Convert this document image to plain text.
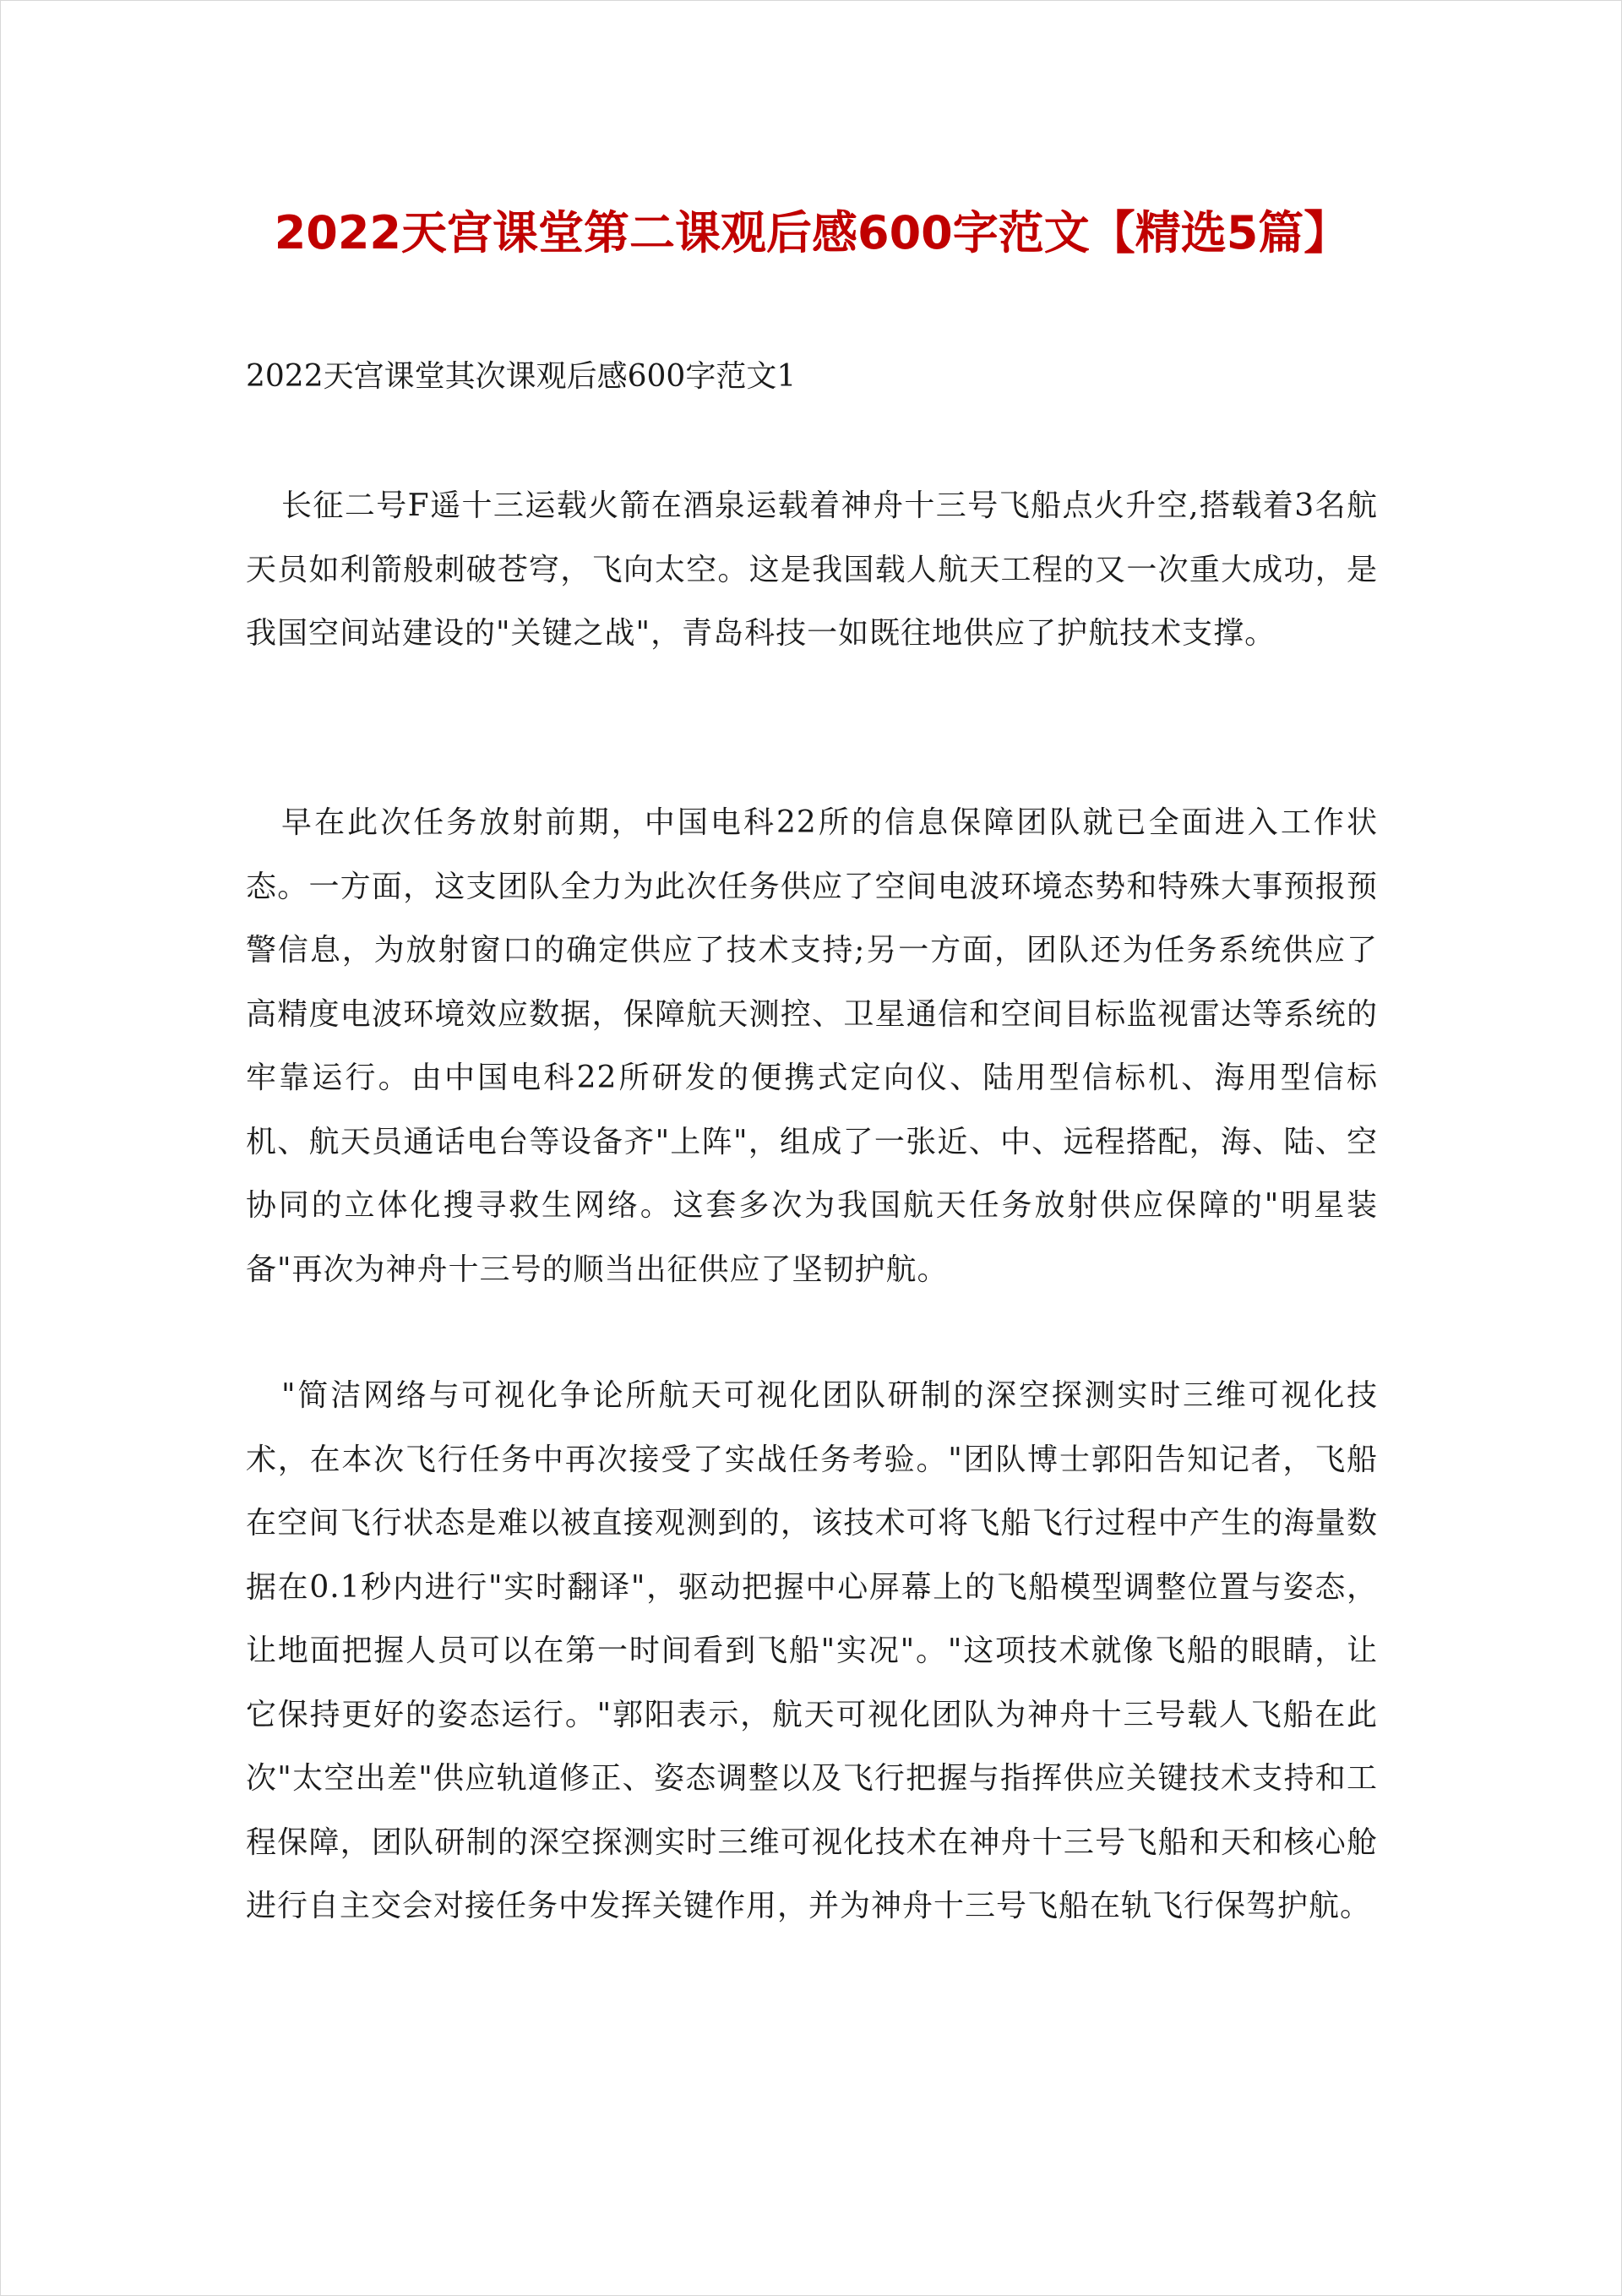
2022天宫课堂第二课观后感600字范文【精选5篇】

2022天宫课堂其次课观后感600字范文1

长征二号F遥十三运载火箭在酒泉运载着神舟十三号飞船点火升空,搭载着3名航天员如利箭般刺破苍穹，飞向太空。这是我国载人航天工程的又一次重大成功，是我国空间站建设的"关键之战"，青岛科技一如既往地供应了护航技术支撑。

早在此次任务放射前期，中国电科22所的信息保障团队就已全面进入工作状态。一方面，这支团队全力为此次任务供应了空间电波环境态势和特殊大事预报预警信息，为放射窗口的确定供应了技术支持;另一方面，团队还为任务系统供应了高精度电波环境效应数据，保障航天测控、卫星通信和空间目标监视雷达等系统的牢靠运行。由中国电科22所研发的便携式定向仪、陆用型信标机、海用型信标机、航天员通话电台等设备齐"上阵"，组成了一张近、中、远程搭配，海、陆、空协同的立体化搜寻救生网络。这套多次为我国航天任务放射供应保障的"明星装备"再次为神舟十三号的顺当出征供应了坚韧护航。

"简洁网络与可视化争论所航天可视化团队研制的深空探测实时三维可视化技术，在本次飞行任务中再次接受了实战任务考验。"团队博士郭阳告知记者，飞船在空间飞行状态是难以被直接观测到的，该技术可将飞船飞行过程中产生的海量数据在0.1秒内进行"实时翻译"，驱动把握中心屏幕上的飞船模型调整位置与姿态，让地面把握人员可以在第一时间看到飞船"实况"。"这项技术就像飞船的眼睛，让它保持更好的姿态运行。"郭阳表示，航天可视化团队为神舟十三号载人飞船在此次"太空出差"供应轨道修正、姿态调整以及飞行把握与指挥供应关键技术支持和工程保障，团队研制的深空探测实时三维可视化技术在神舟十三号飞船和天和核心舱进行自主交会对接任务中发挥关键作用，并为神舟十三号飞船在轨飞行保驾护航。
